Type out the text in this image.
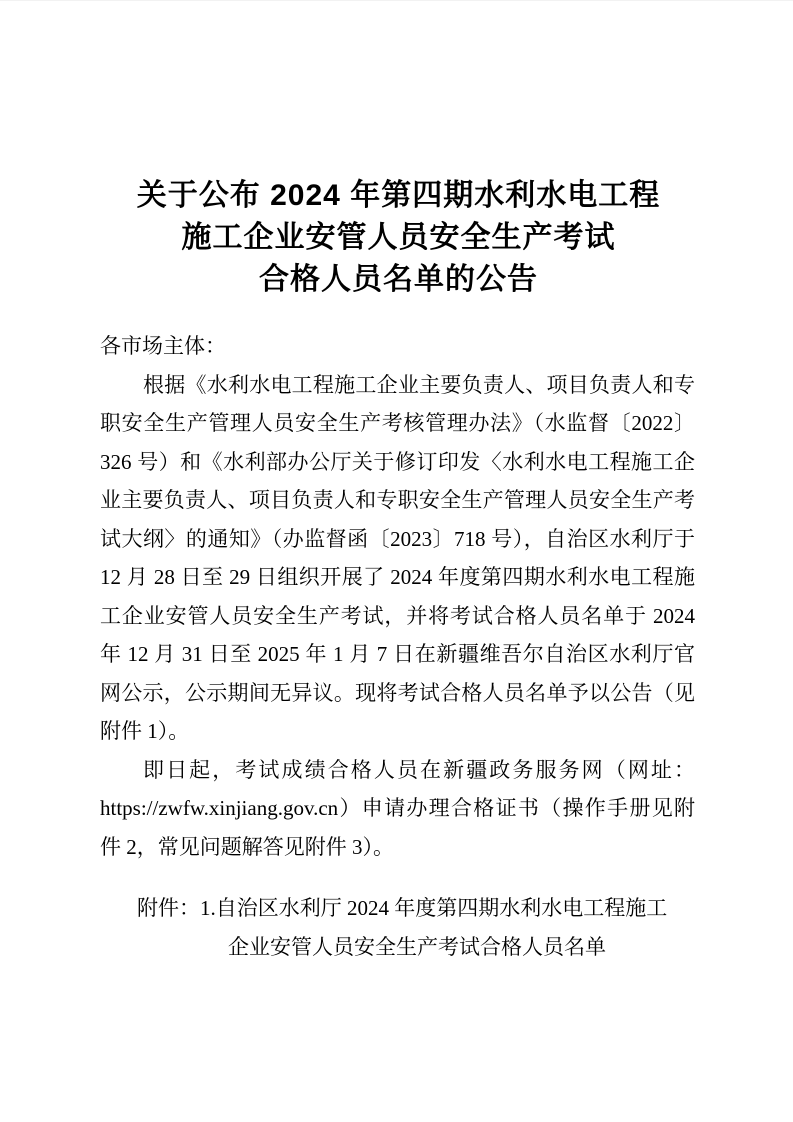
关于公布 2024 年第四期水利水电工程
施工企业安管人员安全生产考试
合格人员名单的公告
各市场主体：
根据《水利水电工程施工企业主要负责人、项目负责人和专
职安全生产管理人员安全生产考核管理办法》（水监督〔2022〕
326 号）和《水利部办公厅关于修订印发〈水利水电工程施工企
业主要负责人、项目负责人和专职安全生产管理人员安全生产考
试大纲〉的通知》（办监督函〔2023〕718 号），自治区水利厅于
12 月 28 日至 29 日组织开展了 2024 年度第四期水利水电工程施
工企业安管人员安全生产考试，并将考试合格人员名单于 2024
年 12 月 31 日至 2025 年 1 月 7 日在新疆维吾尔自治区水利厅官
网公示，公示期间无异议。现将考试合格人员名单予以公告（见
附件 1）。
即日起，考试成绩合格人员在新疆政务服务网（网址：
https://zwfw.xinjiang.gov.cn）申请办理合格证书（操作手册见附
件 2，常见问题解答见附件 3）。
附件：1.自治区水利厅 2024 年度第四期水利水电工程施工
企业安管人员安全生产考试合格人员名单
